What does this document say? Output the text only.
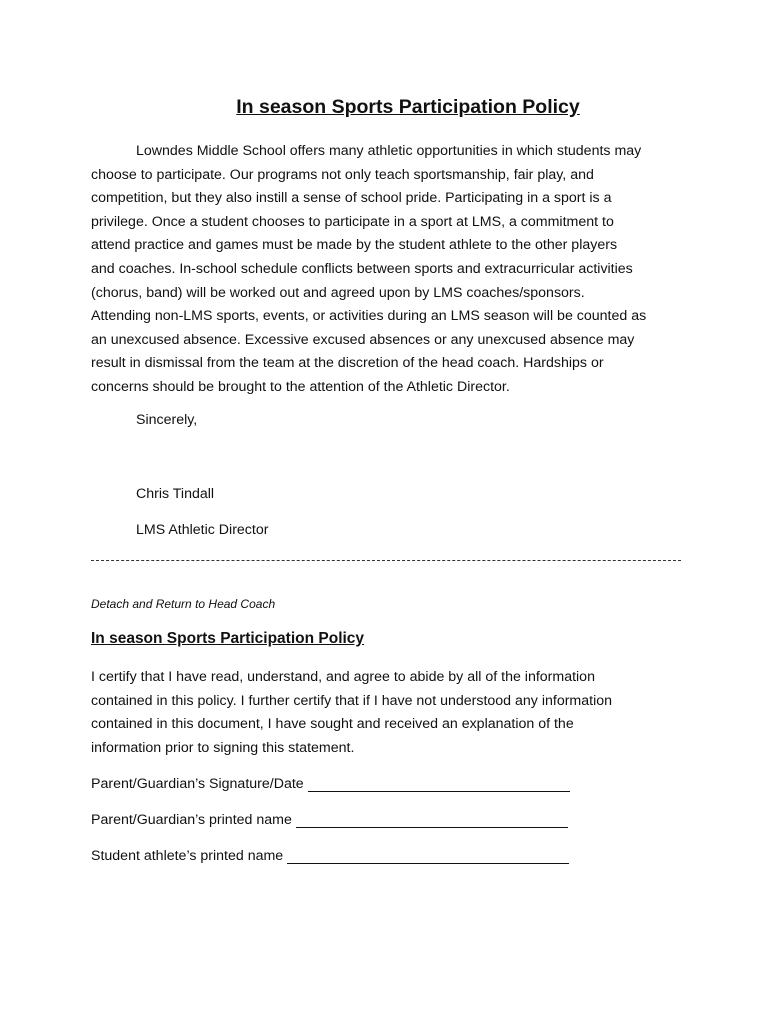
In season Sports Participation Policy
Lowndes Middle School offers many athletic opportunities in which students may
choose to participate. Our programs not only teach sportsmanship, fair play, and
competition, but they also instill a sense of school pride. Participating in a sport is a
privilege. Once a student chooses to participate in a sport at LMS, a commitment to
attend practice and games must be made by the student athlete to the other players
and coaches. In-school schedule conflicts between sports and extracurricular activities
(chorus, band) will be worked out and agreed upon by LMS coaches/sponsors.
Attending non-LMS sports, events, or activities during an LMS season will be counted as
an unexcused absence. Excessive excused absences or any unexcused absence may
result in dismissal from the team at the discretion of the head coach. Hardships or
concerns should be brought to the attention of the Athletic Director.
Sincerely,
Chris Tindall
LMS Athletic Director
Detach and Return to Head Coach
In season Sports Participation Policy
I certify that I have read, understand, and agree to abide by all of the information
contained in this policy. I further certify that if I have not understood any information
contained in this document, I have sought and received an explanation of the
information prior to signing this statement.
Parent/Guardian’s Signature/Date
Parent/Guardian’s printed name
Student athlete’s printed name
